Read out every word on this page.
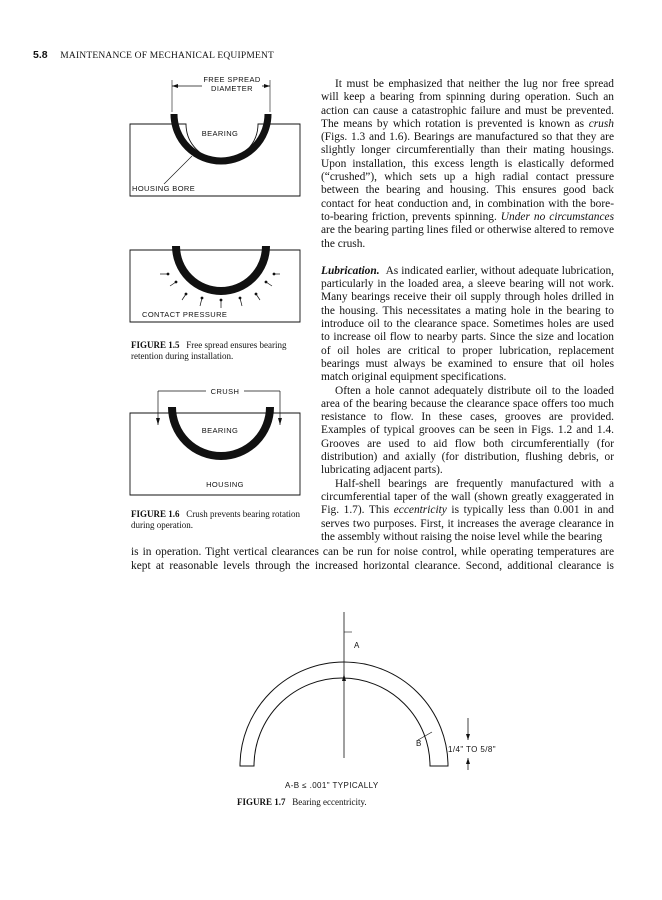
5.8 MAINTENANCE OF MECHANICAL EQUIPMENT
FREE SPREAD
DIAMETER
BEARING
HOUSING BORE
CONTACT PRESSURE
FIGURE 1.5 Free spread ensures bearing retention during installation.
CRUSH
BEARING
HOUSING
FIGURE 1.6 Crush prevents bearing rotation during operation.

It must be emphasized that neither the lug nor free spread will keep a bearing from spinning during operation. Such an action can cause a catastrophic failure and must be prevented. The means by which rotation is prevented is known as crush (Figs. 1.3 and 1.6). Bearings are manufactured so that they are slightly longer circumferentially than their mating housings. Upon installation, this excess length is elastically deformed (“crushed”), which sets up a high radial contact pressure between the bearing and housing. This ensures good back contact for heat conduction and, in combination with the bore-to-bearing friction, prevents spinning. Under no circumstances are the bearing parting lines filed or otherwise altered to remove the crush.

Lubrication. As indicated earlier, without adequate lubrication, particularly in the loaded area, a sleeve bearing will not work. Many bearings receive their oil supply through holes drilled in the housing. This necessitates a mating hole in the bearing to introduce oil to the clearance space. Sometimes holes are used to increase oil flow to nearby parts. Since the size and location of oil holes are critical to proper lubrication, replacement bearings must always be examined to ensure that oil holes match original equipment specifications.

Often a hole cannot adequately distribute oil to the loaded area of the bearing because the clearance space offers too much resistance to flow. In these cases, grooves are provided. Examples of typical grooves can be seen in Figs. 1.2 and 1.4. Grooves are used to aid flow both circumferentially (for distribution) and axially (for distribution, flushing debris, or lubricating adjacent parts).

Half-shell bearings are frequently manufactured with a circumferential taper of the wall (shown greatly exaggerated in Fig. 1.7). This eccentricity is typically less than 0.001 in and serves two purposes. First, it increases the average clearance in the assembly without raising the noise level while the bearing

is in operation. Tight vertical clearances can be run for noise control, while operating temperatures are
kept at reasonable levels through the increased horizontal clearance. Second, additional clearance is
A
B
1/4" TO 5/8"
A-B ≤ .001" TYPICALLY
FIGURE 1.7 Bearing eccentricity.
